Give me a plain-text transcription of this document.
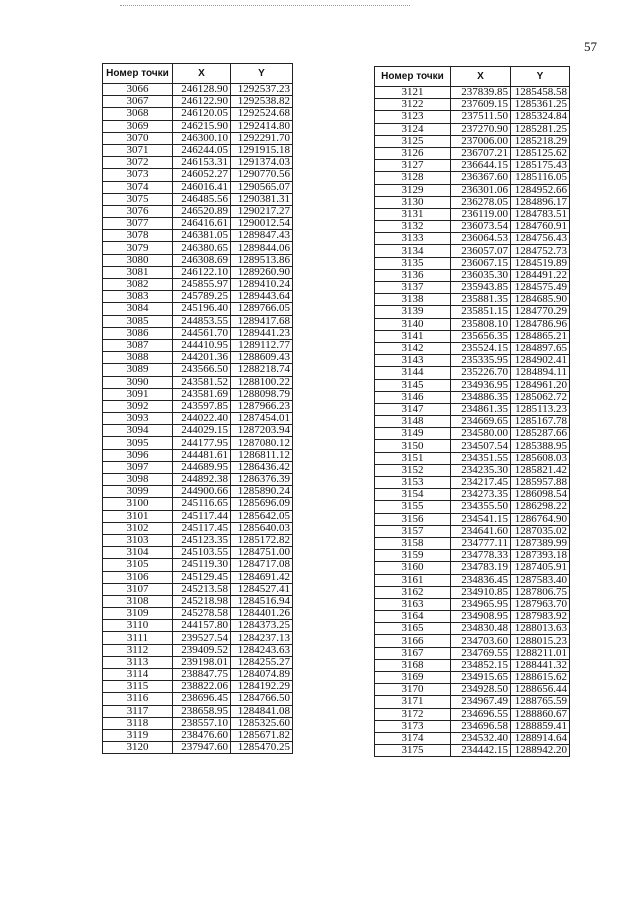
57
Номер точки	X	Y
3066	246128.90	1292537.23
3067	246122.90	1292538.82
3068	246120.05	1292524.68
3069	246215.90	1292414.80
3070	246300.10	1292291.70
3071	246244.05	1291915.18
3072	246153.31	1291374.03
3073	246052.27	1290770.56
3074	246016.41	1290565.07
3075	246485.56	1290381.31
3076	246520.89	1290217.27
3077	246416.61	1290012.54
3078	246381.05	1289847.43
3079	246380.65	1289844.06
3080	246308.69	1289513.86
3081	246122.10	1289260.90
3082	245855.97	1289410.24
3083	245789.25	1289443.64
3084	245196.40	1289766.05
3085	244853.55	1289417.68
3086	244561.70	1289441.23
3087	244410.95	1289112.77
3088	244201.36	1288609.43
3089	243566.50	1288218.74
3090	243581.52	1288100.22
3091	243581.69	1288098.79
3092	243597.85	1287966.23
3093	244022.40	1287454.01
3094	244029.15	1287203.94
3095	244177.95	1287080.12
3096	244481.61	1286811.12
3097	244689.95	1286436.42
3098	244892.38	1286376.39
3099	244900.66	1285890.24
3100	245116.65	1285696.09
3101	245117.44	1285642.05
3102	245117.45	1285640.03
3103	245123.35	1285172.82
3104	245103.55	1284751.00
3105	245119.30	1284717.08
3106	245129.45	1284691.42
3107	245213.58	1284527.41
3108	245218.98	1284516.94
3109	245278.58	1284401.26
3110	244157.80	1284373.25
3111	239527.54	1284237.13
3112	239409.52	1284243.63
3113	239198.01	1284255.27
3114	238847.75	1284074.89
3115	238822.06	1284192.29
3116	238696.45	1284766.50
3117	238658.95	1284841.08
3118	238557.10	1285325.60
3119	238476.60	1285671.82
3120	237947.60	1285470.25
Номер точки	X	Y
3121	237839.85	1285458.58
3122	237609.15	1285361.25
3123	237511.50	1285324.84
3124	237270.90	1285281.25
3125	237006.00	1285218.29
3126	236707.21	1285125.62
3127	236644.15	1285175.43
3128	236367.60	1285116.05
3129	236301.06	1284952.66
3130	236278.05	1284896.17
3131	236119.00	1284783.51
3132	236073.54	1284760.91
3133	236064.53	1284756.43
3134	236057.07	1284752.73
3135	236067.15	1284519.89
3136	236035.30	1284491.22
3137	235943.85	1284575.49
3138	235881.35	1284685.90
3139	235851.15	1284770.29
3140	235808.10	1284786.96
3141	235656.35	1284865.21
3142	235524.15	1284897.65
3143	235335.95	1284902.41
3144	235226.70	1284894.11
3145	234936.95	1284961.20
3146	234886.35	1285062.72
3147	234861.35	1285113.23
3148	234669.65	1285167.78
3149	234580.00	1285287.66
3150	234507.54	1285388.95
3151	234351.55	1285608.03
3152	234235.30	1285821.42
3153	234217.45	1285957.88
3154	234273.35	1286098.54
3155	234355.50	1286298.22
3156	234541.15	1286764.90
3157	234641.60	1287035.02
3158	234777.11	1287389.99
3159	234778.33	1287393.18
3160	234783.19	1287405.91
3161	234836.45	1287583.40
3162	234910.85	1287806.75
3163	234965.95	1287963.70
3164	234908.95	1287983.92
3165	234830.48	1288013.63
3166	234703.60	1288015.23
3167	234769.55	1288211.01
3168	234852.15	1288441.32
3169	234915.65	1288615.62
3170	234928.50	1288656.44
3171	234967.49	1288765.59
3172	234696.55	1288860.67
3173	234696.58	1288859.41
3174	234532.40	1288914.64
3175	234442.15	1288942.20
